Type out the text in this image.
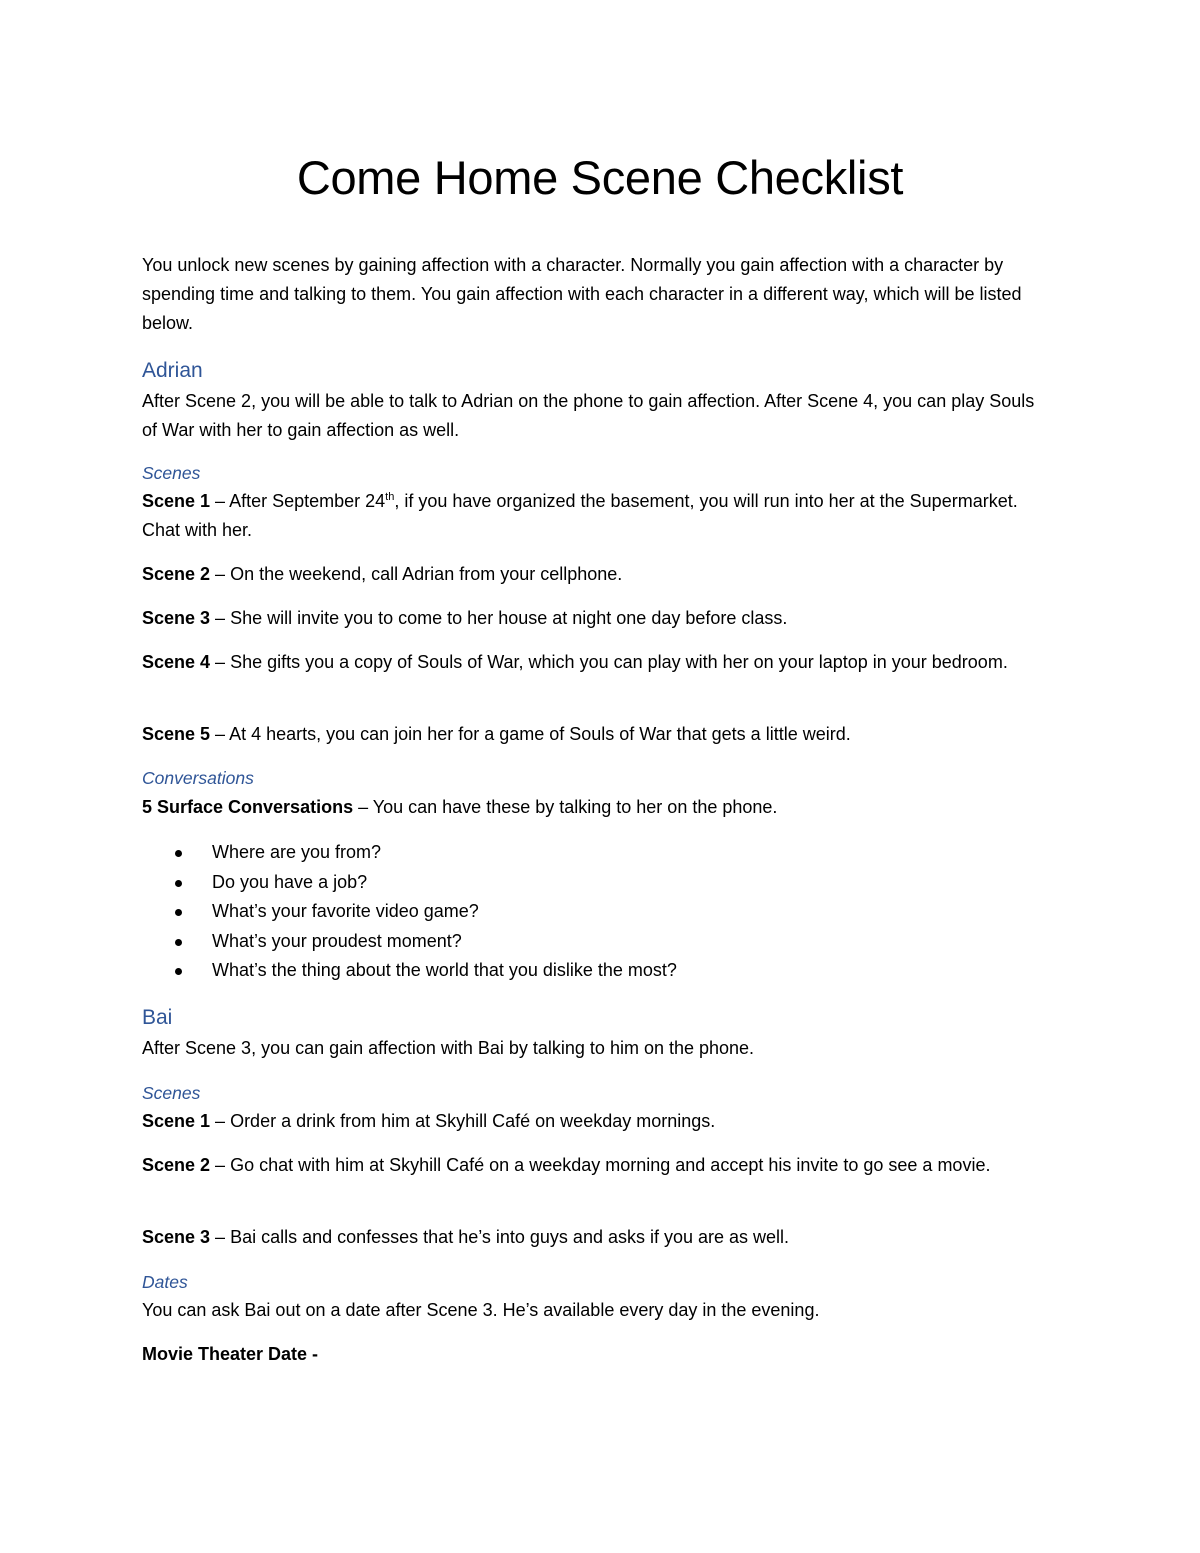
Come Home Scene Checklist

You unlock new scenes by gaining affection with a character. Normally you gain affection with a character by spending time and talking to them. You gain affection with each character in a different way, which will be listed below.

Adrian

After Scene 2, you will be able to talk to Adrian on the phone to gain affection. After Scene 4, you can play Souls of War with her to gain affection as well.

Scenes

Scene 1 – After September 24th, if you have organized the basement, you will run into her at the Supermarket. Chat with her.

Scene 2 – On the weekend, call Adrian from your cellphone.

Scene 3 – She will invite you to come to her house at night one day before class.

Scene 4 – She gifts you a copy of Souls of War, which you can play with her on your laptop in your bedroom.

Scene 5 – At 4 hearts, you can join her for a game of Souls of War that gets a little weird.

Conversations

5 Surface Conversations – You can have these by talking to her on the phone.

Where are you from?
Do you have a job?
What’s your favorite video game?
What’s your proudest moment?
What’s the thing about the world that you dislike the most?
Bai

After Scene 3, you can gain affection with Bai by talking to him on the phone.

Scenes

Scene 1 – Order a drink from him at Skyhill Café on weekday mornings.

Scene 2 – Go chat with him at Skyhill Café on a weekday morning and accept his invite to go see a movie.

Scene 3 – Bai calls and confesses that he’s into guys and asks if you are as well.

Dates

You can ask Bai out on a date after Scene 3. He’s available every day in the evening.

Movie Theater Date -
